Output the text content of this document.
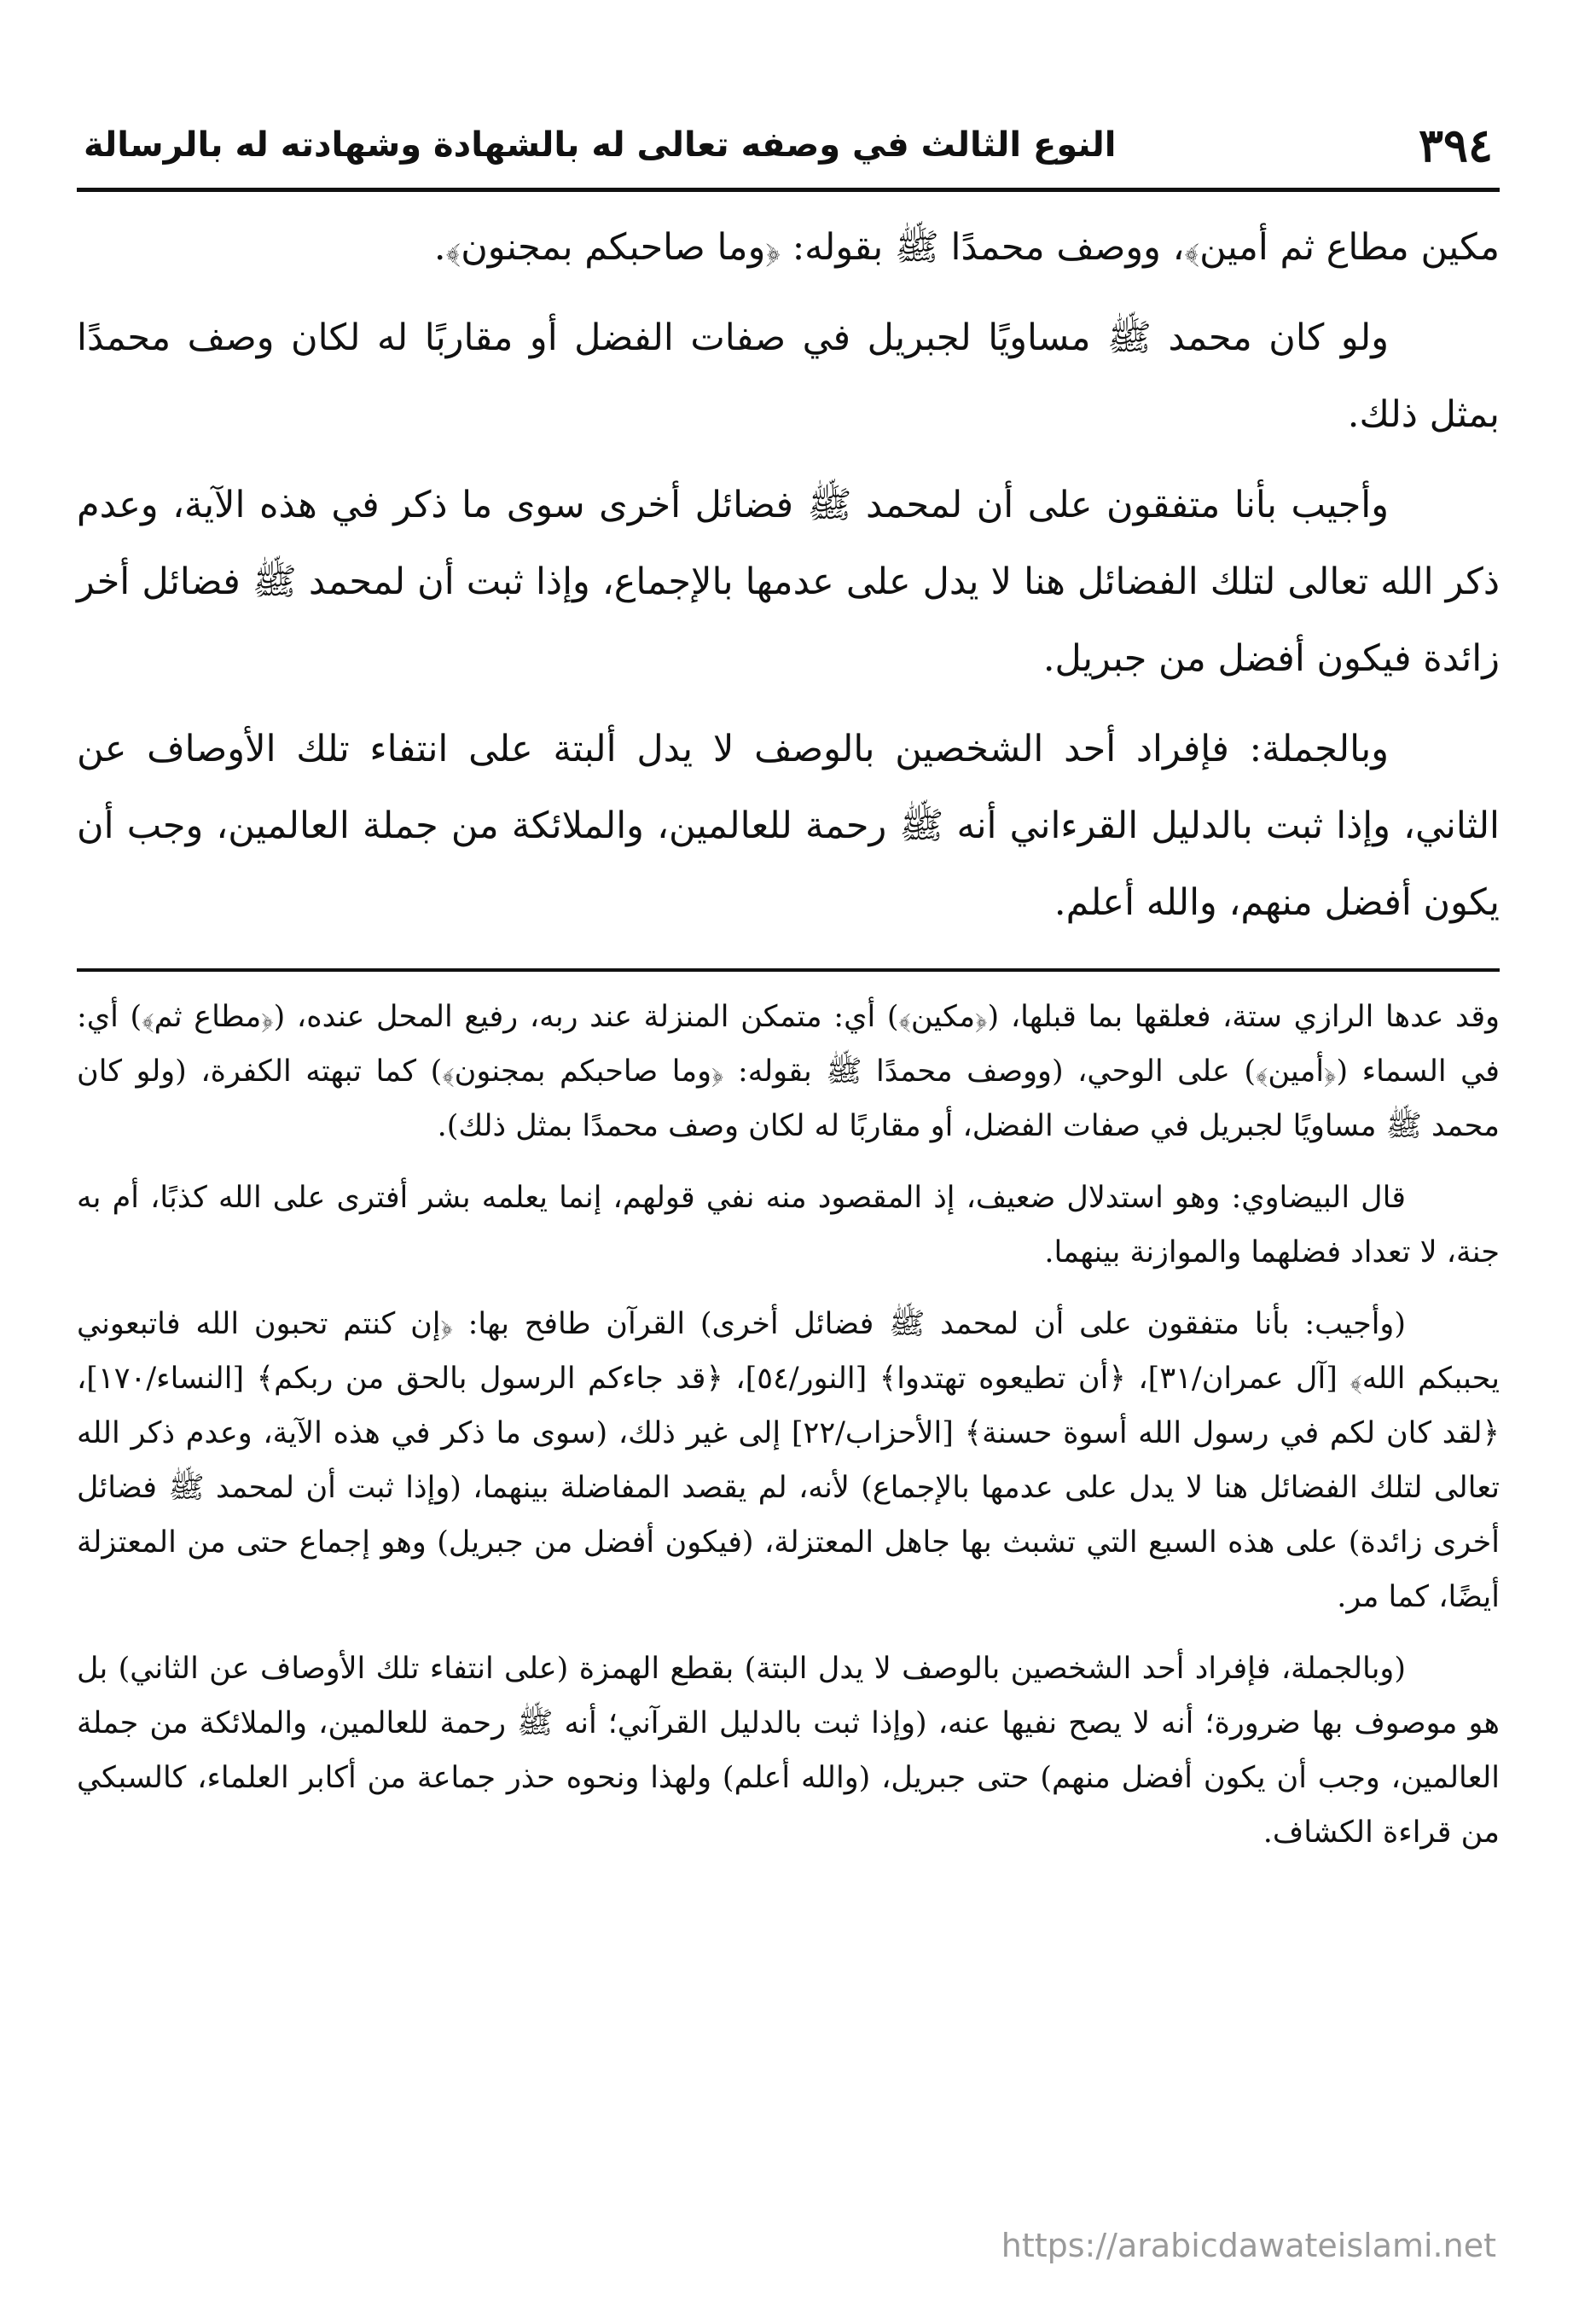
٣٩٤
النوع الثالث في وصفه تعالى له بالشهادة وشهادته له بالرسالة

مكين مطاع ثم أمين﴾، ووصف محمدًا ﷺ بقوله: ﴿وما صاحبكم بمجنون﴾.

ولو كان محمد ﷺ مساويًا لجبريل في صفات الفضل أو مقاربًا له لكان وصف محمدًا بمثل ذلك.

وأجيب بأنا متفقون على أن لمحمد ﷺ فضائل أخرى سوى ما ذكر في هذه الآية، وعدم ذكر الله تعالى لتلك الفضائل هنا لا يدل على عدمها بالإجماع، وإذا ثبت أن لمحمد ﷺ فضائل أخر زائدة فيكون أفضل من جبريل.

وبالجملة: فإفراد أحد الشخصين بالوصف لا يدل ألبتة على انتفاء تلك الأوصاف عن الثاني، وإذا ثبت بالدليل القرءاني أنه ﷺ رحمة للعالمين، والملائكة من جملة العالمين، وجب أن يكون أفضل منهم، والله أعلم.

وقد عدها الرازي ستة، فعلقها بما قبلها، (﴿مكين﴾) أي: متمكن المنزلة عند ربه، رفيع المحل عنده، (﴿مطاع ثم﴾) أي: في السماء (﴿أمين﴾) على الوحي، (ووصف محمدًا ﷺ بقوله: ﴿وما صاحبكم بمجنون﴾) كما تبهته الكفرة، (ولو كان محمد ﷺ مساويًا لجبريل في صفات الفضل، أو مقاربًا له لكان وصف محمدًا بمثل ذلك).

قال البيضاوي: وهو استدلال ضعيف، إذ المقصود منه نفي قولهم، إنما يعلمه بشر أفترى على الله كذبًا، أم به جنة، لا تعداد فضلهما والموازنة بينهما.

(وأجيب: بأنا متفقون على أن لمحمد ﷺ فضائل أخرى) القرآن طافح بها: ﴿إن كنتم تحبون الله فاتبعوني يحببكم الله﴾ [آل عمران/٣١]، ﴿أن تطيعوه تهتدوا﴾ [النور/٥٤]، ﴿قد جاءكم الرسول بالحق من ربكم﴾ [النساء/١٧٠]، ﴿لقد كان لكم في رسول الله أسوة حسنة﴾ [الأحزاب/٢٢] إلى غير ذلك، (سوى ما ذكر في هذه الآية، وعدم ذكر الله تعالى لتلك الفضائل هنا لا يدل على عدمها بالإجماع) لأنه، لم يقصد المفاضلة بينهما، (وإذا ثبت أن لمحمد ﷺ فضائل أخرى زائدة) على هذه السبع التي تشبث بها جاهل المعتزلة، (فيكون أفضل من جبريل) وهو إجماع حتى من المعتزلة أيضًا، كما مر.

(وبالجملة، فإفراد أحد الشخصين بالوصف لا يدل البتة) بقطع الهمزة (على انتفاء تلك الأوصاف عن الثاني) بل هو موصوف بها ضرورة؛ أنه لا يصح نفيها عنه، (وإذا ثبت بالدليل القرآني؛ أنه ﷺ رحمة للعالمين، والملائكة من جملة العالمين، وجب أن يكون أفضل منهم) حتى جبريل، (والله أعلم) ولهذا ونحوه حذر جماعة من أكابر العلماء، كالسبكي من قراءة الكشاف.

https://arabicdawateislami.net
